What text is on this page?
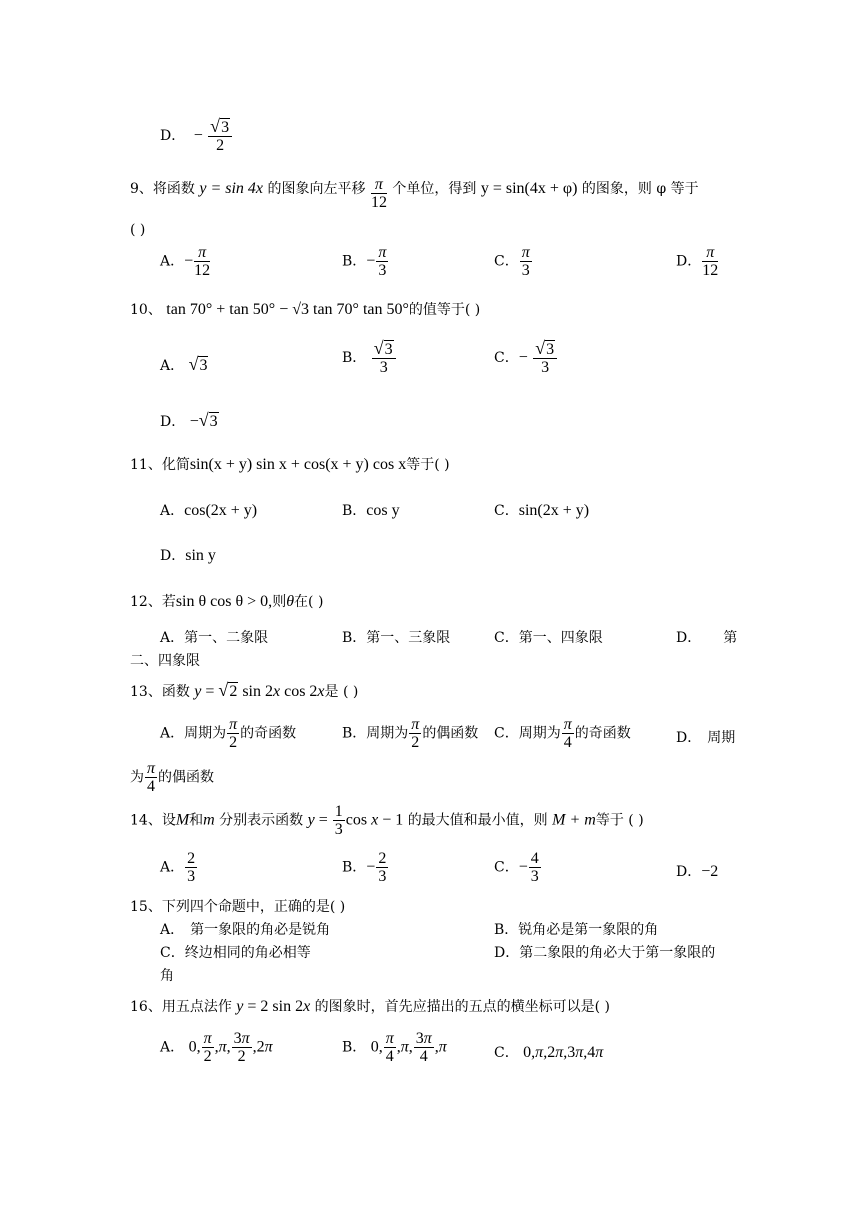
D． − $\frac{√3}{2}$
9、将函数 y = sin 4x 的图象向左平移 $\frac{\pi}{12}$ 个单位，得到 y = sin(4x + φ) 的图象，则 φ 等于
( )
A．− $\frac{\pi}{12}$	B．− $\frac{\pi}{3}$	C． $\frac{\pi}{3}$	D． $\frac{\pi}{12}$
10、 tan 70° + tan 50° − √3 tan 70° tan 50°的值等于( )
A． √3	B． $\frac{√3}{3}$	C．− $\frac{√3}{3}$
D． −√3
11、化简sin(x + y) sin x + cos(x + y) cos x等于( )
A．cos(2x + y)	B．cos y	C．sin(2x + y)
D．sin y
12、若sin θ cos θ > 0,则θ在( )
A．第一、二象限	B．第一、三象限	C．第一、四象限	D． 第
二、四象限
13、函数 y = √2 sin 2x cos 2x是 ( )
A．周期为 $\frac{\pi}{2}$ 的奇函数	B．周期为 $\frac{\pi}{2}$ 的偶函数 C．周期为 $\frac{\pi}{4}$ 的奇函数	D． 周期
为 $\frac{\pi}{4}$ 的偶函数
14、设M和m 分别表示函数 $y = \frac{1}{3}$ cos x − 1 的最大值和最小值，则 M + m等于 ( )
A． $\frac{2}{3}$	B．− $\frac{2}{3}$	C．− $\frac{4}{3}$	D．−2
15、下列四个命题中，正确的是( )
A． 第一象限的角必是锐角	B．锐角必是第一象限的角
C．终边相同的角必相等	D．第二象限的角必大于第一象限的
角
16、用五点法作 y = 2 sin 2x 的图象时，首先应描出的五点的横坐标可以是( )
A． 0, $\frac{\pi}{2} ,\pi$, $\frac{3\pi}{2} ,2\pi$	B． 0, $\frac{\pi}{4} ,\pi$, $\frac{3\pi}{4} ,\pi$	C． 0,π,2π,3π,4π
